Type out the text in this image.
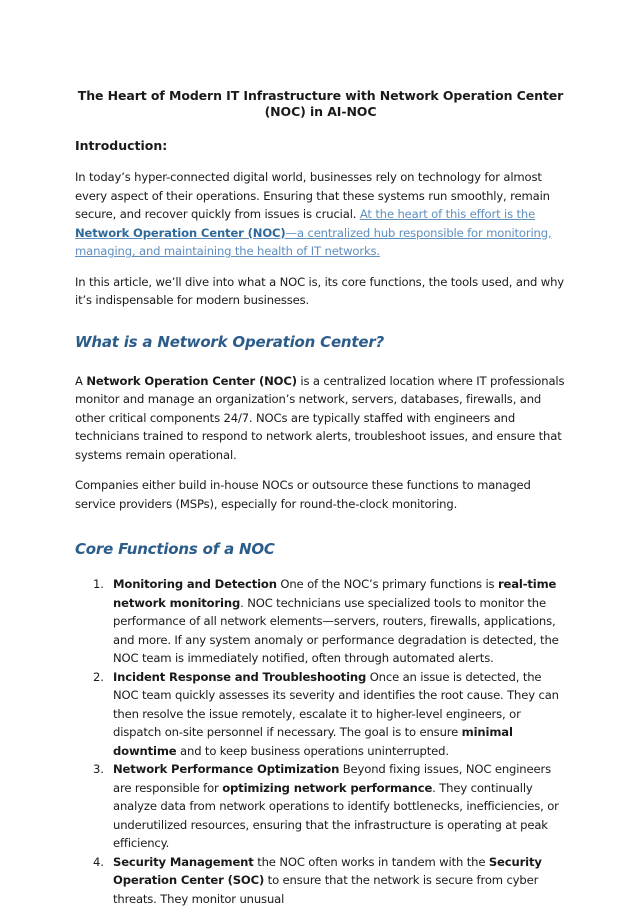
The Heart of Modern IT Infrastructure with Network Operation Center (NOC) in AI-NOC
Introduction:

In today’s hyper-connected digital world, businesses rely on technology for almost every aspect of their operations. Ensuring that these systems run smoothly, remain secure, and recover quickly from issues is crucial. At the heart of this effort is the Network Operation Center (NOC)—a centralized hub responsible for monitoring, managing, and maintaining the health of IT networks.

In this article, we’ll dive into what a NOC is, its core functions, the tools used, and why it’s indispensable for modern businesses.

What is a Network Operation Center?

A Network Operation Center (NOC) is a centralized location where IT professionals monitor and manage an organization’s network, servers, databases, firewalls, and other critical components 24/7. NOCs are typically staffed with engineers and technicians trained to respond to network alerts, troubleshoot issues, and ensure that systems remain operational.

Companies either build in-house NOCs or outsource these functions to managed service providers (MSPs), especially for round-the-clock monitoring.

Core Functions of a NOC
1. Monitoring and Detection One of the NOC’s primary functions is real-time network monitoring. NOC technicians use specialized tools to monitor the performance of all network elements—servers, routers, firewalls, applications, and more. If any system anomaly or performance degradation is detected, the NOC team is immediately notified, often through automated alerts.
2. Incident Response and Troubleshooting Once an issue is detected, the NOC team quickly assesses its severity and identifies the root cause. They can then resolve the issue remotely, escalate it to higher-level engineers, or dispatch on-site personnel if necessary. The goal is to ensure minimal downtime and to keep business operations uninterrupted.
3. Network Performance Optimization Beyond fixing issues, NOC engineers are responsible for optimizing network performance. They continually analyze data from network operations to identify bottlenecks, inefficiencies, or underutilized resources, ensuring that the infrastructure is operating at peak efficiency.
4. Security Management the NOC often works in tandem with the Security Operation Center (SOC) to ensure that the network is secure from cyber threats. They monitor unusual
